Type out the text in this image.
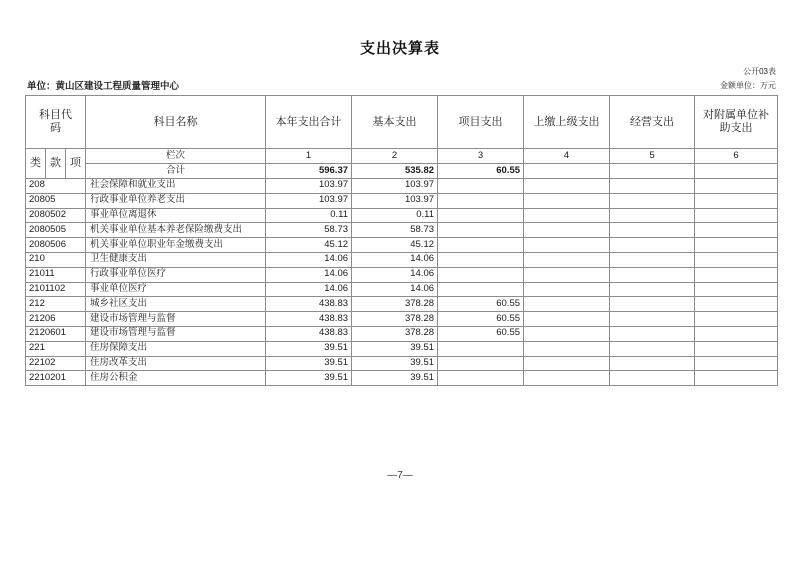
支出决算表
公开03表
单位：黄山区建设工程质量管理中心	金额单位：万元
科目代码			科目名称	本年支出合计	基本支出	项目支出	上缴上级支出	经营支出	对附属单位补助支出
类	款	项	栏次	1	2	3	4	5	6
			合计	596.37	535.82	60.55			
208			社会保障和就业支出	103.97	103.97				
20805			行政事业单位养老支出	103.97	103.97				
2080502			事业单位离退休	0.11	0.11				
2080505			机关事业单位基本养老保险缴费支出	58.73	58.73				
2080506			机关事业单位职业年金缴费支出	45.12	45.12				
210			卫生健康支出	14.06	14.06				
21011			行政事业单位医疗	14.06	14.06				
2101102			事业单位医疗	14.06	14.06				
212			城乡社区支出	438.83	378.28	60.55			
21206			建设市场管理与监督	438.83	378.28	60.55			
2120601			建设市场管理与监督	438.83	378.28	60.55			
221			住房保障支出	39.51	39.51				
22102			住房改革支出	39.51	39.51				
2210201			住房公积金	39.51	39.51				
—7—
